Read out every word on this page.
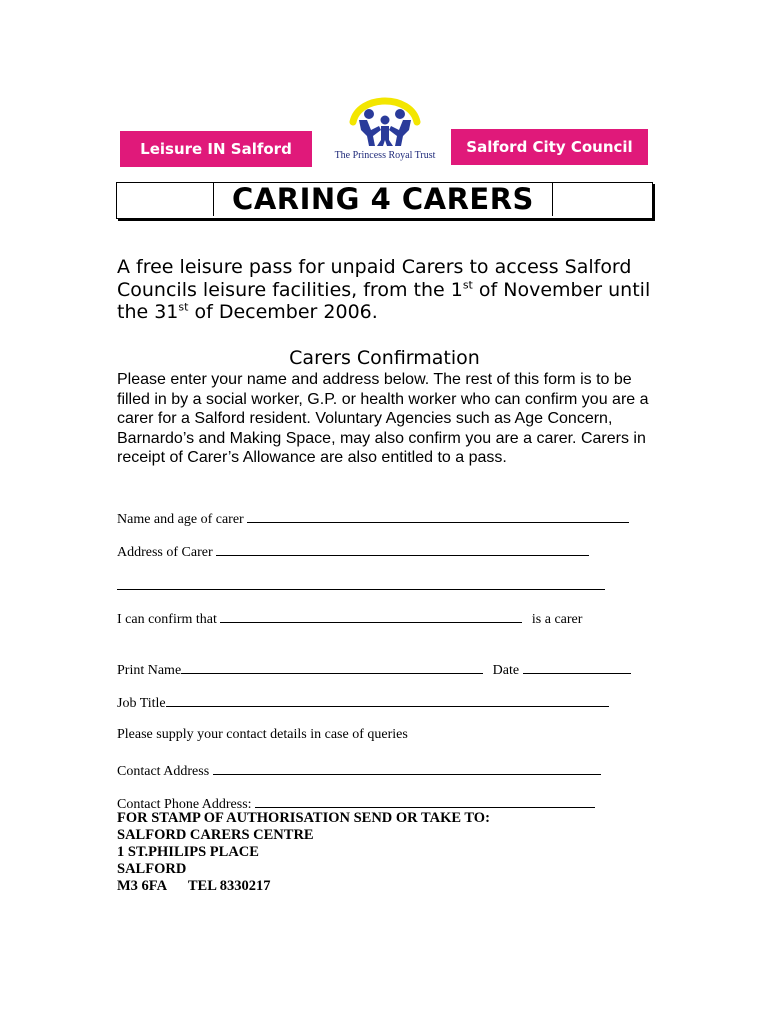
Leisure IN Salford	The Princess Royal Trust	Salford City Council
CARING 4 CARERS
A free leisure pass for unpaid Carers to access Salford Councils leisure facilities, from the 1st of November until the 31st of December 2006.
Carers Confirmation
Please enter your name and address below. The rest of this form is to be filled in by a social worker, G.P. or health worker who can confirm you are a carer for a Salford resident. Voluntary Agencies such as Age Concern, Barnardo’s and Making Space, may also confirm you are a carer. Carers in receipt of Carer’s Allowance are also entitled to a pass.
Name and age of carer
Address of Carer
I can confirm that	is a carer
Print Name	Date
Job Title
Please supply your contact details in case of queries
Contact Address
Contact Phone Address:
FOR STAMP OF AUTHORISATION SEND OR TAKE TO:
SALFORD CARERS CENTRE
1 ST.PHILIPS PLACE
SALFORD
M3 6FA TEL 8330217
